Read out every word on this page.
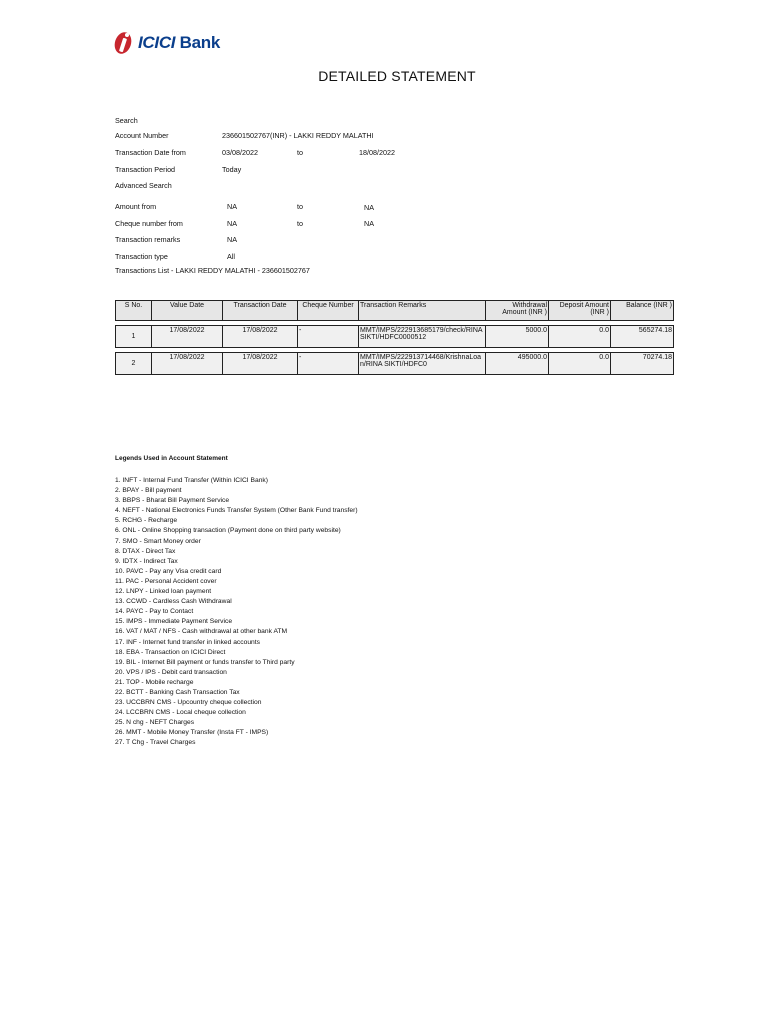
ICICI Bank
DETAILED STATEMENT
Search
Account Number	236601502767(INR) - LAKKI REDDY MALATHI
Transaction Date from	03/08/2022	to	18/08/2022
Transaction Period	Today
Advanced Search
Amount from	NA	to	NA
Cheque number from	NA	to	NA
Transaction remarks	NA
Transaction type	All
Transactions List - LAKKI REDDY MALATHI - 236601502767
S No.	Value Date	Transaction Date	Cheque Number	Transaction Remarks	Withdrawal Amount (INR )	Deposit Amount (INR )	Balance (INR )
1	17/08/2022	17/08/2022	-	MMT/IMPS/222913685179/check/RINA SIKTI/HDFC0000512	5000.0	0.0	565274.18
2	17/08/2022	17/08/2022	-	MMT/IMPS/222913714468/KrishnaLoa n/RINA SIKTI/HDFC0	495000.0	0.0	70274.18
Legends Used in Account Statement
1. INFT - Internal Fund Transfer (Within ICICI Bank)
2. BPAY - Bill payment
3. BBPS - Bharat Bill Payment Service
4. NEFT - National Electronics Funds Transfer System (Other Bank Fund transfer)
5. RCHG - Recharge
6. ONL - Online Shopping transaction (Payment done on third party website)
7. SMO - Smart Money order
8. DTAX - Direct Tax
9. IDTX - Indirect Tax
10. PAVC - Pay any Visa credit card
11. PAC - Personal Accident cover
12. LNPY - Linked loan payment
13. CCWD - Cardless Cash Withdrawal
14. PAYC - Pay to Contact
15. IMPS - Immediate Payment Service
16. VAT / MAT / NFS - Cash withdrawal at other bank ATM
17. INF - Internet fund transfer in linked accounts
18. EBA - Transaction on ICICI Direct
19. BIL - Internet Bill payment or funds transfer to Third party
20. VPS / IPS - Debit card transaction
21. TOP - Mobile recharge
22. BCTT - Banking Cash Transaction Tax
23. UCCBRN CMS - Upcountry cheque collection
24. LCCBRN CMS - Local cheque collection
25. N chg - NEFT Charges
26. MMT - Mobile Money Transfer (Insta FT - IMPS)
27. T Chg - Travel Charges
